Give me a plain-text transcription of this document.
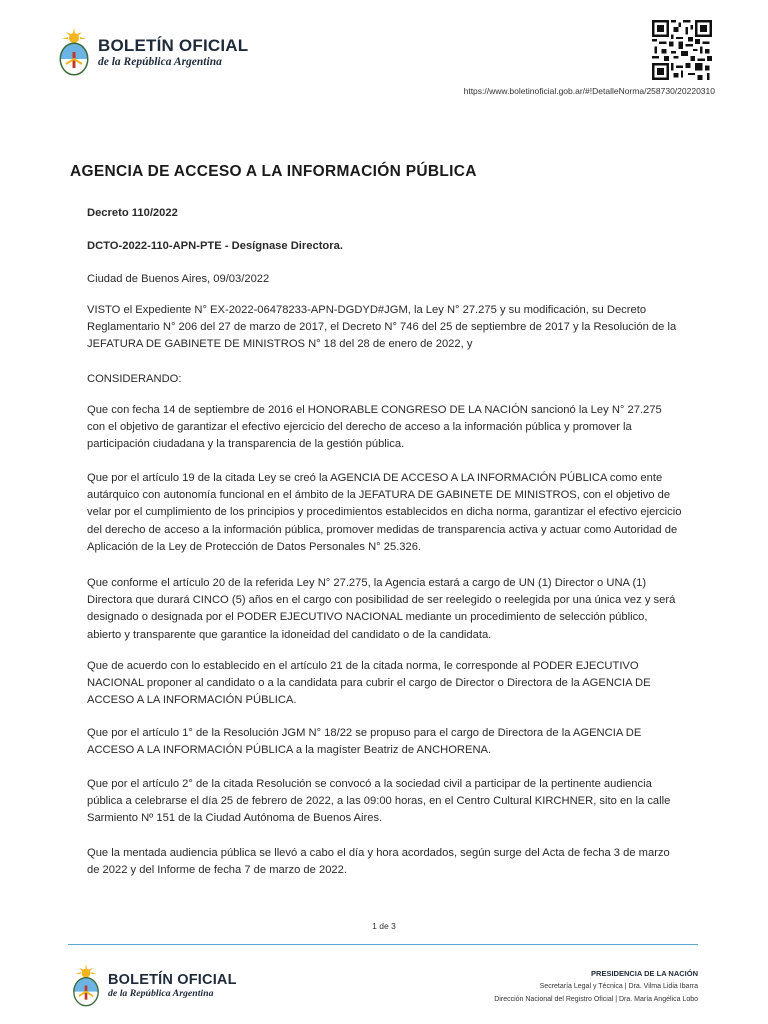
BOLETÍN OFICIAL
de la República Argentina
https://www.boletinoficial.gob.ar/#!DetalleNorma/258730/20220310
AGENCIA DE ACCESO A LA INFORMACIÓN PÚBLICA
Decreto 110/2022
DCTO-2022-110-APN-PTE - Desígnase Directora.
Ciudad de Buenos Aires, 09/03/2022
VISTO el Expediente N° EX-2022-06478233-APN-DGDYD#JGM, la Ley N° 27.275 y su modificación, su Decreto Reglamentario N° 206 del 27 de marzo de 2017, el Decreto N° 746 del 25 de septiembre de 2017 y la Resolución de la JEFATURA DE GABINETE DE MINISTROS N° 18 del 28 de enero de 2022, y
CONSIDERANDO:
Que con fecha 14 de septiembre de 2016 el HONORABLE CONGRESO DE LA NACIÓN sancionó la Ley N° 27.275 con el objetivo de garantizar el efectivo ejercicio del derecho de acceso a la información pública y promover la participación ciudadana y la transparencia de la gestión pública.
Que por el artículo 19 de la citada Ley se creó la AGENCIA DE ACCESO A LA INFORMACIÓN PÚBLICA como ente autárquico con autonomía funcional en el ámbito de la JEFATURA DE GABINETE DE MINISTROS, con el objetivo de velar por el cumplimiento de los principios y procedimientos establecidos en dicha norma, garantizar el efectivo ejercicio del derecho de acceso a la información pública, promover medidas de transparencia activa y actuar como Autoridad de Aplicación de la Ley de Protección de Datos Personales N° 25.326.
Que conforme el artículo 20 de la referida Ley N° 27.275, la Agencia estará a cargo de UN (1) Director o UNA (1) Directora que durará CINCO (5) años en el cargo con posibilidad de ser reelegido o reelegida por una única vez y será designado o designada por el PODER EJECUTIVO NACIONAL mediante un procedimiento de selección público, abierto y transparente que garantice la idoneidad del candidato o de la candidata.
Que de acuerdo con lo establecido en el artículo 21 de la citada norma, le corresponde al PODER EJECUTIVO NACIONAL proponer al candidato o a la candidata para cubrir el cargo de Director o Directora de la AGENCIA DE ACCESO A LA INFORMACIÓN PÚBLICA.
Que por el artículo 1° de la Resolución JGM N° 18/22 se propuso para el cargo de Directora de la AGENCIA DE ACCESO A LA INFORMACIÓN PÚBLICA a la magíster Beatriz de ANCHORENA.
Que por el artículo 2° de la citada Resolución se convocó a la sociedad civil a participar de la pertinente audiencia pública a celebrarse el día 25 de febrero de 2022, a las 09:00 horas, en el Centro Cultural KIRCHNER, sito en la calle Sarmiento Nº 151 de la Ciudad Autónoma de Buenos Aires.
Que la mentada audiencia pública se llevó a cabo el día y hora acordados, según surge del Acta de fecha 3 de marzo de 2022 y del Informe de fecha 7 de marzo de 2022.
1 de 3
BOLETÍN OFICIAL
de la República Argentina
PRESIDENCIA DE LA NACIÓN
Secretaría Legal y Técnica | Dra. Vilma Lidia Ibarra
Dirección Nacional del Registro Oficial | Dra. María Angélica Lobo
